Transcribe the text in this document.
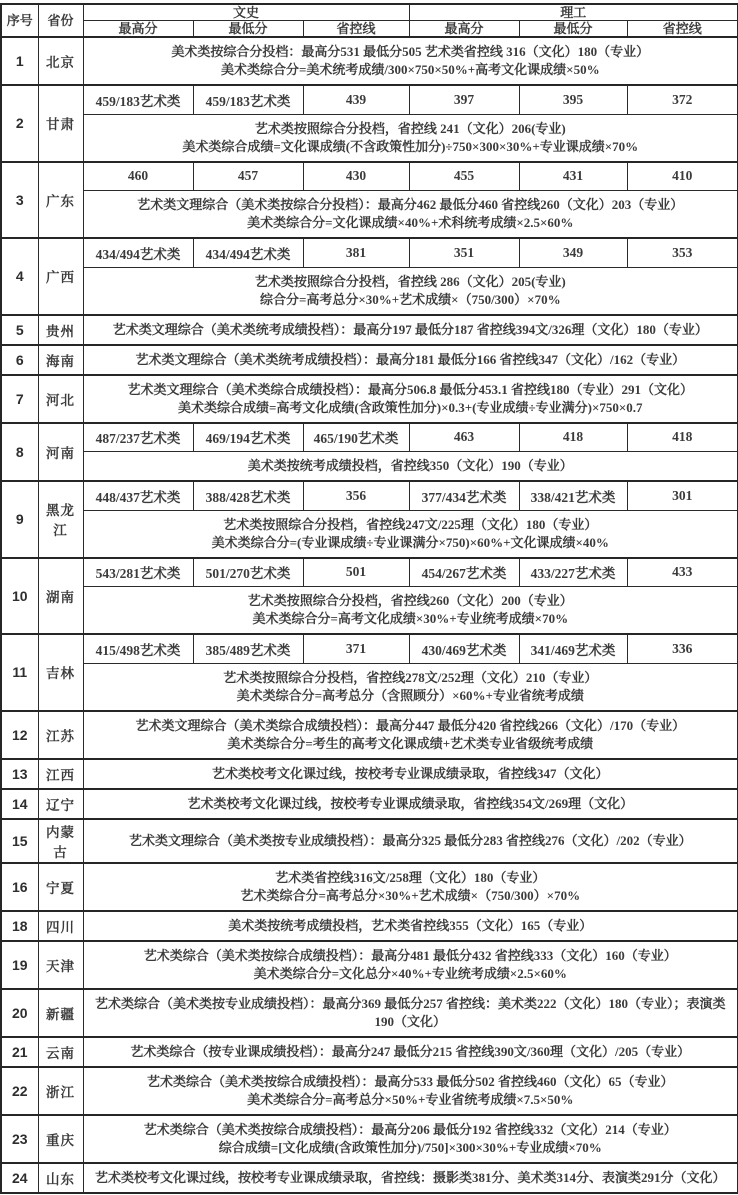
序号	省份	文史			理工		
		最高分	最低分	省控线	最高分	最低分	省控线
1	北京	美术类按综合分投档：最高分531 最低分505 艺术类省控线 316（文化）180（专业）
美术类综合分=美术统考成绩/300×750×50%+高考文化课成绩×50%					

2	甘肃	459/183艺术类	459/183艺术类	439	397	395	372

		艺术类按照综合分投档，省控线 241（文化）206(专业)
美术类综合成绩=文化课成绩(不含政策性加分)÷750×300×30%+专业课成绩×70%					

3	广东	460	457	430	455	431	410

		艺术类文理综合（美术类按综合分投档）：最高分462 最低分460 省控线260（文化）203（专业）
美术类综合分=文化课成绩×40%+术科统考成绩×2.5×60%					

4	广西	434/494艺术类	434/494艺术类	381	351	349	353

		艺术类按照综合分投档，省控线 286（文化）205(专业)
综合分=高考总分×30%+艺术成绩×（750/300）×70%					

5	贵州	艺术类文理综合（美术类统考成绩投档）：最高分197 最低分187 省控线394文/326理（文化）180（专业）					

6	海南	艺术类文理综合（美术类统考成绩投档）：最高分181 最低分166 省控线347（文化）/162（专业）					

7	河北	艺术类文理综合（美术类综合成绩投档）：最高分506.8 最低分453.1 省控线180（专业）291（文化）
美术类综合成绩=高考文化成绩(含政策性加分)×0.3+(专业成绩÷专业满分)×750×0.7					

8	河南	487/237艺术类	469/194艺术类	465/190艺术类	463	418	418

		美术类按统考成绩投档，省控线350（文化）190（专业）					

9	黑龙江	448/437艺术类	388/428艺术类	356	377/434艺术类	338/421艺术类	301

		艺术类按照综合分投档，省控线247文/225理（文化）180（专业）
美术类综合分=(专业课成绩÷专业课满分×750)×60%+文化课成绩×40%					

10	湖南	543/281艺术类	501/270艺术类	501	454/267艺术类	433/227艺术类	433

		艺术类按照综合分投档，省控线260（文化）200（专业）
美术类综合分=高考文化成绩×30%+专业统考成绩×70%					

11	吉林	415/498艺术类	385/489艺术类	371	430/469艺术类	341/469艺术类	336

		艺术类按照综合分投档，省控线278文/252理（文化）210（专业）
美术类综合分=高考总分（含照顾分）×60%+专业省统考成绩					

12	江苏	艺术类文理综合（美术类综合成绩投档）：最高分447 最低分420 省控线266（文化）/170（专业）
美术类综合分=考生的高考文化课成绩+艺术类专业省级统考成绩					

13	江西	艺术类校考文化课过线，按校考专业课成绩录取，省控线347（文化）					

14	辽宁	艺术类校考文化课过线，按校考专业课成绩录取，省控线354文/269理（文化）					

15	内蒙古	艺术类文理综合（美术类按专业成绩投档）：最高分325 最低分283 省控线276（文化）/202（专业）					

16	宁夏	艺术类省控线316文/258理（文化）180（专业）
艺术类综合分=高考总分×30%+艺术成绩×（750/300）×70%					

18	四川	美术类按统考成绩投档，艺术类省控线355（文化）165（专业）					

19	天津	艺术类综合（美术类按综合成绩投档）：最高分481 最低分432 省控线333（文化）160（专业）
美术类综合分=文化总分×40%+专业统考成绩×2.5×60%					

20	新疆	艺术类综合（美术类按专业成绩投档）：最高分369 最低分257 省控线：美术类222（文化）180（专业）；表演类190（文化）					

21	云南	艺术类综合（按专业课成绩投档）：最高分247 最低分215 省控线390文/360理（文化）/205（专业）					

22	浙江	艺术类综合（美术类按综合成绩投档）：最高分533 最低分502 省控线460（文化）65（专业）
美术类综合分=高考总分×50%+专业省统考成绩×7.5×50%					

23	重庆	艺术类综合（美术类按综合成绩投档）：最高分206 最低分192 省控线332（文化）214（专业）
综合成绩=[文化成绩(含政策性加分)/750]×300×30%+专业成绩×70%					

24	山东	艺术类校考文化课过线，按校考专业课成绩录取，省控线：摄影类381分、美术类314分、表演类291分（文化）					
